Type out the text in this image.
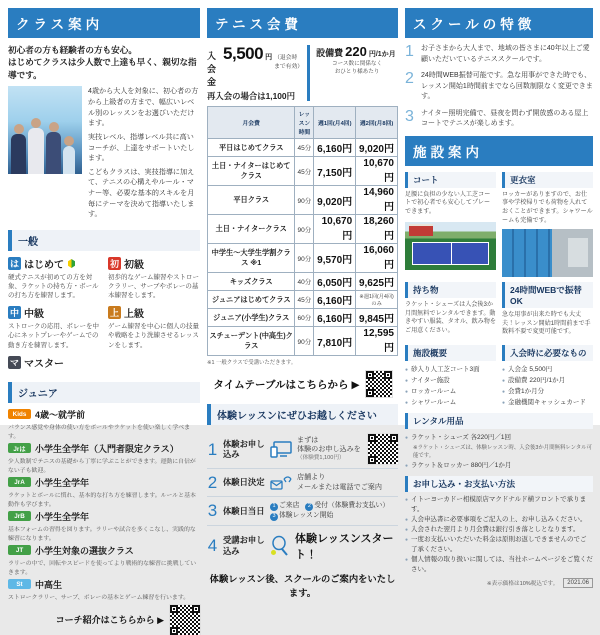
クラス案内
初心者の方も経験者の方も安心。
はじめてクラスは少人数で上達も早く、親切な指導です。

4歳から大人を対象に、初心者の方から上級者の方まで、幅広いレベル別のレッスンをお選びいただけます。

実技レベル、指導レベル共に高いコーチが、上達をサポートいたします。

こどもクラスは、実技指導に加えて、テニスの心構えやルール・マナー等、必要な基本的スキルを月毎にテーマを決めて指導いたします。

一般
は はじめて
硬式テニスが初めての方を対象、ラケットの持ち方・ボールの打ち方を練習します。
初 初級
初歩的なゲーム練習やストロークラリー、サーブやボレーの基本練習をします。
中 中級
ストロークの応用、ボレーを中心にネットプレーやゲームでの動き方を練習します。
上 上級
ゲーム練習を中心に個人の技量や戦略をより洗練させるレッスンをします。
マ マスター
ジュニア
Kids 4歳～就学前
バランス感覚や身体の使い方をボールやラケットを使い楽しく学べます。
Jrは	小学生全学年（入門者限定クラス）
少人数制でテニスの基礎から丁寧に学ぶことができます。運動に自信がない子も歓迎。
JrA	小学生全学年
ラケットとボールに慣れ、基本的な打ち方を練習します。ルールと基本動作も学びます。
JrB	小学生全学年
基本フォームの習得を図ります。ラリーや試合を多くこなし、実践的な練習になります。
JT	小学生対象の選抜クラス
ラリーの中で、回転やスピードを使ってより戦術的な練習に挑戦していきます。
St	中高生
ストロークラリー、サーブ、ボレーの基本とゲーム練習を行います。
コーチ紹介はこちらから ▶
テニス会費
入会金
5,500 円 （退会時まで有効）
再入会の場合は1,100円
設備費 220 円/1か月
コース数に関係なく
おひとり様あたり
月会費	レッスン時間	週1回(月4回)	週2回(月8回)
平日はじめてクラス	45分	6,160円	9,020円
土日・ナイターはじめてクラス	45分	7,150円	10,670円
平日クラス	90分	9,020円	14,960円
土日・ナイタークラス	90分	10,670円	18,260円
中学生～大学生学割クラス ※1	90分	9,570円	16,060円
キッズクラス	40分	6,050円	9,625円
ジュニアはじめてクラス	45分	6,160円	※週1回(月4回)のみ
ジュニア(小学生)クラス	60分	6,160円	9,845円
スチューデント(中高生)クラス	90分	7,810円	12,595円
※1 一般クラスで受講いただきます。
タイムテーブルはこちらから ▶
体験レッスンにぜひお越しください
1 体験お申し込み
まずは
体験のお申し込みを
（体験費1,100円）
2 体験日決定
店舗より
メールまたは電話でご案内
3 体験日当日	1 ご来店 2 受付（体験費お支払い） 3 体験レッスン開始
4 受講お申し込み
体験レッスンスタート！
体験レッスン後、スクールのご案内をいたします。
スクールの特徴
1 お子さまから大人まで、地域の皆さまに40年以上ご愛顧いただいているテニススクールです。
2 24時間WEB振替可能です。急な用事ができた時でも、レッスン開始1時間前までなら回数制限なく変更できます。
3 ナイター照明完備で、昼夜を問わず開放感のある屋上コートでテニスが楽しめます。
施設案内
コート
足腰に負担の少ない人工芝コートで初心者でも安心してプレーできます。
更衣室
ロッカーがありますので、お仕事や学校帰りでも荷物を入れておくことができます。シャワールームも完備です。
持ち物
ラケット・シューズは入会後3か月間無料でレンタルできます。動きやすい服装、タオル、飲み物をご用意ください。
24時間WEBで振替OK
急な用事が出来た時でも大丈夫！レッスン開始1時間前まで手数料不要で変更可能です。
施設概要
● 砂入り人工芝コート3面
● ナイター施設
● ロッカールーム
● シャワールーム
入会時に必要なもの
● 入会金 5,500円
● 設備費 220円/1か月
● 会費1か月分
● 金融機関キャッシュカード
レンタル用品
● ラケット・シューズ 各220円／1回
※ラケット・シューズは、体験レッスン時、入会後3か月間無料レンタル可能です。
● ラケット＆ロッカー 880円／1か月
お申し込み・お支払い方法
● イトーヨーカドー相模原店マクドナルド横フロントで承ります。
● 入会申込書に必要事項をご記入の上、お申し込みください。
● 入会された翌月より月会費は銀行引き落としとなります。
● 一度お支払いいただいた料金は原則お返しできませんのでご了承ください。
● 個人情報の取り扱いに関しては、当社ホームページをご覧ください。
※表示価格は10%税込です。	2021.06
